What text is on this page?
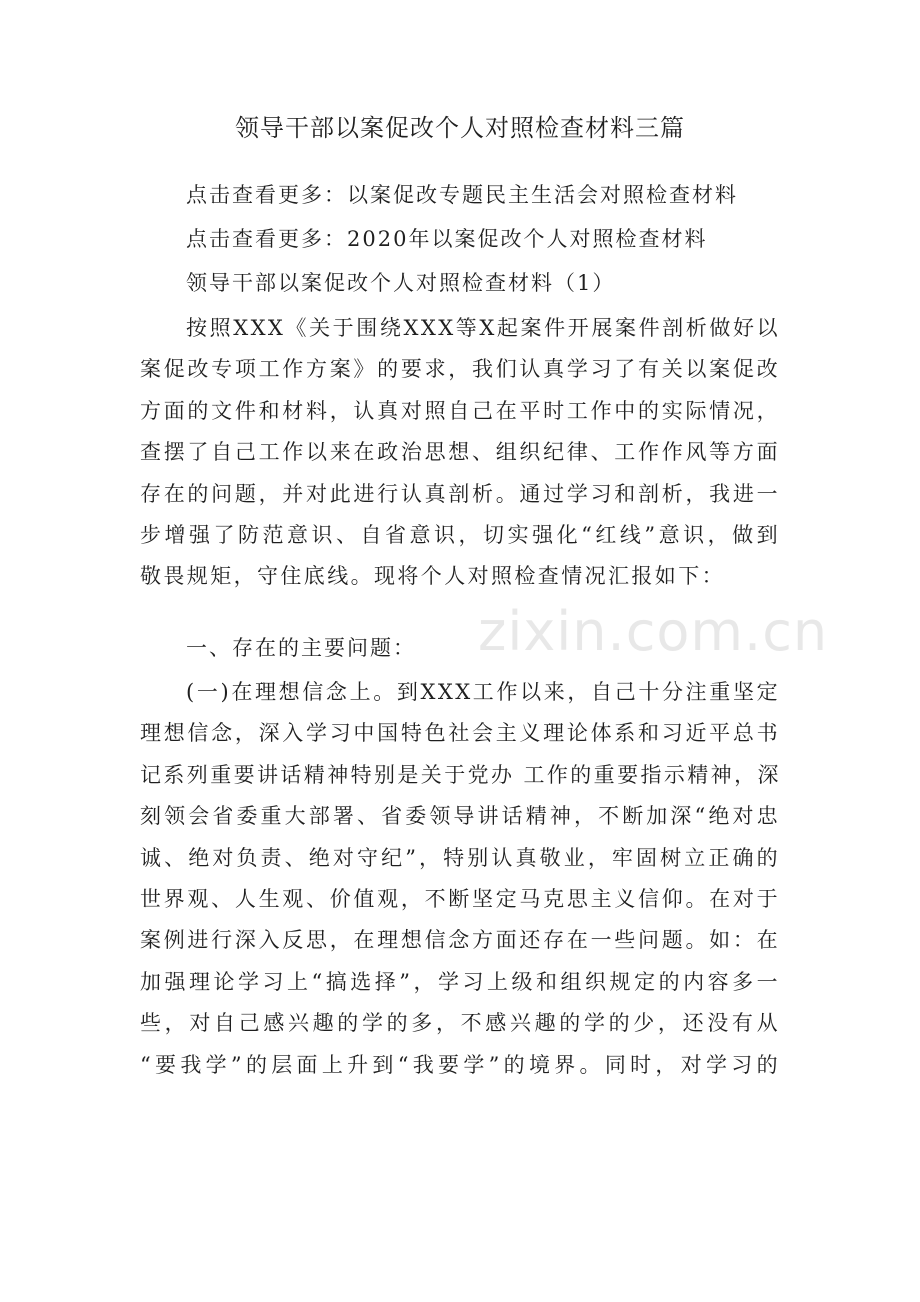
领导干部以案促改个人对照检查材料三篇
点击查看更多：以案促改专题民主生活会对照检查材料
点击查看更多：2020年以案促改个人对照检查材料
领导干部以案促改个人对照检查材料（1）
按照XXX《关于围绕XXX等X起案件开展案件剖析做好以
案促改专项工作方案》的要求，我们认真学习了有关以案促改
方面的文件和材料，认真对照自己在平时工作中的实际情况，
查摆了自己工作以来在政治思想、组织纪律、工作作风等方面
存在的问题，并对此进行认真剖析。通过学习和剖析，我进一
步增强了防范意识、自省意识，切实强化“红线”意识，做到
敬畏规矩，守住底线。现将个人对照检查情况汇报如下：
一、存在的主要问题：
(一)在理想信念上。到XXX工作以来，自己十分注重坚定
理想信念，深入学习中国特色社会主义理论体系和习近平总书
记系列重要讲话精神特别是关于党办 工作的重要指示精神，深
刻领会省委重大部署、省委领导讲话精神，不断加深“绝对忠
诚、绝对负责、绝对守纪”，特别认真敬业，牢固树立正确的
世界观、人生观、价值观，不断坚定马克思主义信仰。在对于
案例进行深入反思，在理想信念方面还存在一些问题。如：在
加强理论学习上“搞选择”，学习上级和组织规定的内容多一
些，对自己感兴趣的学的多，不感兴趣的学的少，还没有从
“要我学”的层面上升到“我要学”的境界。同时，对学习的
zixin.com.cn
